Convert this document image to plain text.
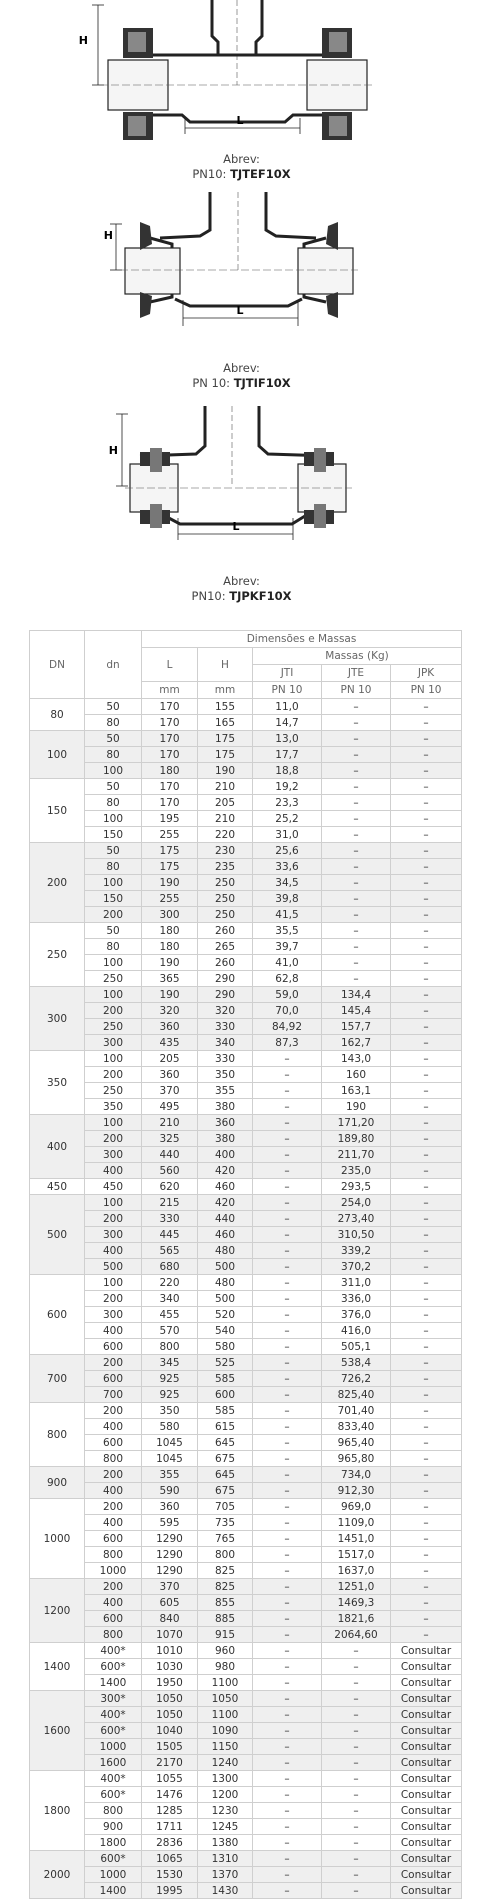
H
L
Abrev:
PN10: TJTEF10X
H
L
Abrev:
PN 10: TJTIF10X
H
L
Abrev:
PN10: TJPKF10X
DN	dn	Dimensões e Massas				
		L	H	Massas (Kg)		
				JTI	JTE	JPK
		mm	mm	PN 10	PN 10	PN 10
80	50	170	155	11,0	–	–
	80	170	165	14,7	–	–
100	50	170	175	13,0	–	–
	80	170	175	17,7	–	–
	100	180	190	18,8	–	–
150	50	170	210	19,2	–	–
	80	170	205	23,3	–	–
	100	195	210	25,2	–	–
	150	255	220	31,0	–	–
200	50	175	230	25,6	–	–
	80	175	235	33,6	–	–
	100	190	250	34,5	–	–
	150	255	250	39,8	–	–
	200	300	250	41,5	–	–
250	50	180	260	35,5	–	–
	80	180	265	39,7	–	–
	100	190	260	41,0	–	–
	250	365	290	62,8	–	–
300	100	190	290	59,0	134,4	–
	200	320	320	70,0	145,4	–
	250	360	330	84,92	157,7	–
	300	435	340	87,3	162,7	–
350	100	205	330	–	143,0	–
	200	360	350	–	160	–
	250	370	355	–	163,1	–
	350	495	380	–	190	–
400	100	210	360	–	171,20	–
	200	325	380	–	189,80	–
	300	440	400	–	211,70	–
	400	560	420	–	235,0	–
450	450	620	460	–	293,5	–
500	100	215	420	–	254,0	–
	200	330	440	–	273,40	–
	300	445	460	–	310,50	–
	400	565	480	–	339,2	–
	500	680	500	–	370,2	–
600	100	220	480	–	311,0	–
	200	340	500	–	336,0	–
	300	455	520	–	376,0	–
	400	570	540	–	416,0	–
	600	800	580	–	505,1	–
700	200	345	525	–	538,4	–
	600	925	585	–	726,2	–
	700	925	600	–	825,40	–
800	200	350	585	–	701,40	–
	400	580	615	–	833,40	–
	600	1045	645	–	965,40	–
	800	1045	675	–	965,80	–
900	200	355	645	–	734,0	–
	400	590	675	–	912,30	–
1000	200	360	705	–	969,0	–
	400	595	735	–	1109,0	–
	600	1290	765	–	1451,0	–
	800	1290	800	–	1517,0	–
	1000	1290	825	–	1637,0	–
1200	200	370	825	–	1251,0	–
	400	605	855	–	1469,3	–
	600	840	885	–	1821,6	–
	800	1070	915	–	2064,60	–
1400	400*	1010	960	–	–	Consultar
	600*	1030	980	–	–	Consultar
	1400	1950	1100	–	–	Consultar
1600	300*	1050	1050	–	–	Consultar
	400*	1050	1100	–	–	Consultar
	600*	1040	1090	–	–	Consultar
	1000	1505	1150	–	–	Consultar
	1600	2170	1240	–	–	Consultar
1800	400*	1055	1300	–	–	Consultar
	600*	1476	1200	–	–	Consultar
	800	1285	1230	–	–	Consultar
	900	1711	1245	–	–	Consultar
	1800	2836	1380	–	–	Consultar
2000	600*	1065	1310	–	–	Consultar
	1000	1530	1370	–	–	Consultar
	1400	1995	1430	–	–	Consultar
